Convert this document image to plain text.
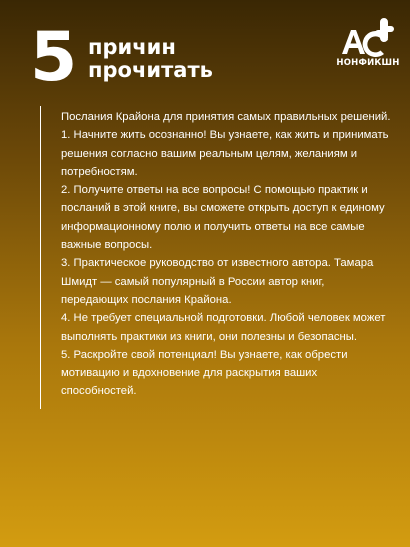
5 причин
прочитать	НОНФИКШН

Послания Крайона для принятия самых правильных решений.

1. Начните жить осознанно! Вы узнаете, как жить и принимать решения согласно вашим реальным целям, желаниям и потребностям.

2. Получите ответы на все вопросы! С помощью практик и посланий в этой книге, вы сможете открыть доступ к единому информационному полю и получить ответы на все самые важные вопросы.

3. Практическое руководство от известного автора. Тамара Шмидт — самый популярный в России автор книг, передающих послания Крайона.

4. Не требует специальной подготовки. Любой человек может выполнять практики из книги, они полезны и безопасны.

5. Раскройте свой потенциал! Вы узнаете, как обрести мотивацию и вдохновение для раскрытия ваших способностей.
